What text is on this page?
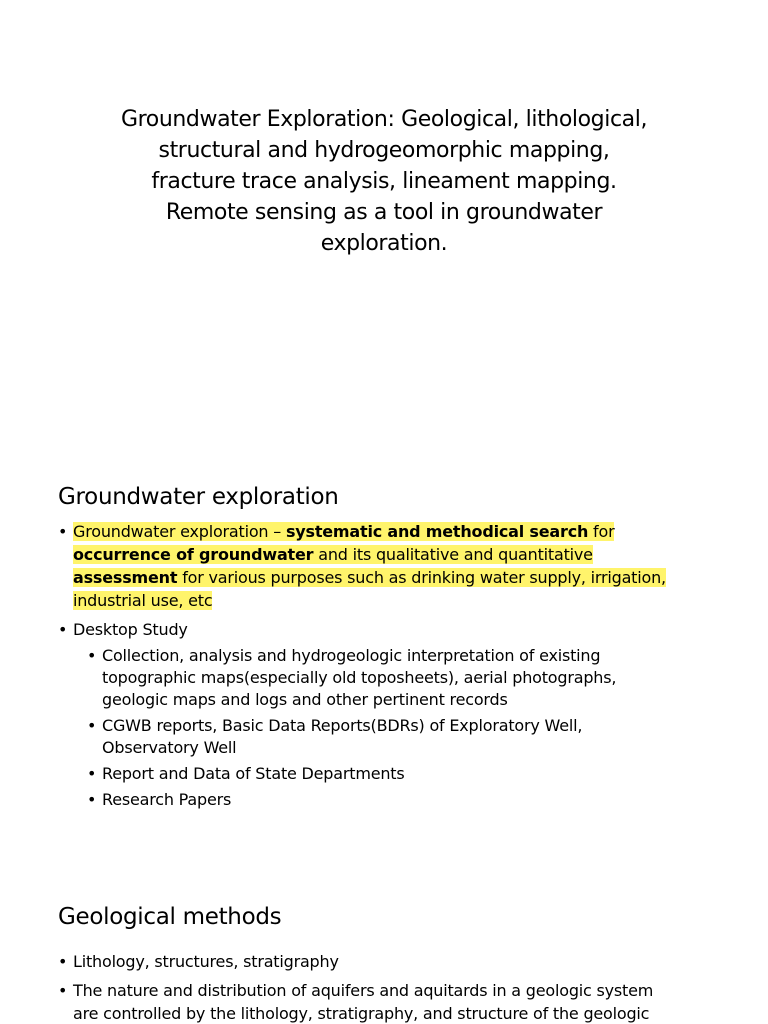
Groundwater Exploration: Geological, lithological,
structural and hydrogeomorphic mapping,
fracture trace analysis, lineament mapping.
Remote sensing as a tool in groundwater
exploration.
Groundwater exploration
• Groundwater exploration – systematic and methodical search for
occurrence of groundwater and its qualitative and quantitative
assessment for various purposes such as drinking water supply, irrigation,
industrial use, etc
• Desktop Study
• Collection, analysis and hydrogeologic interpretation of existing
topographic maps(especially old toposheets), aerial photographs,
geologic maps and logs and other pertinent records
• CGWB reports, Basic Data Reports(BDRs) of Exploratory Well,
Observatory Well
• Report and Data of State Departments
• Research Papers
Geological methods
• Lithology, structures, stratigraphy
• The nature and distribution of aquifers and aquitards in a geologic system
are controlled by the lithology, stratigraphy, and structure of the geologic
